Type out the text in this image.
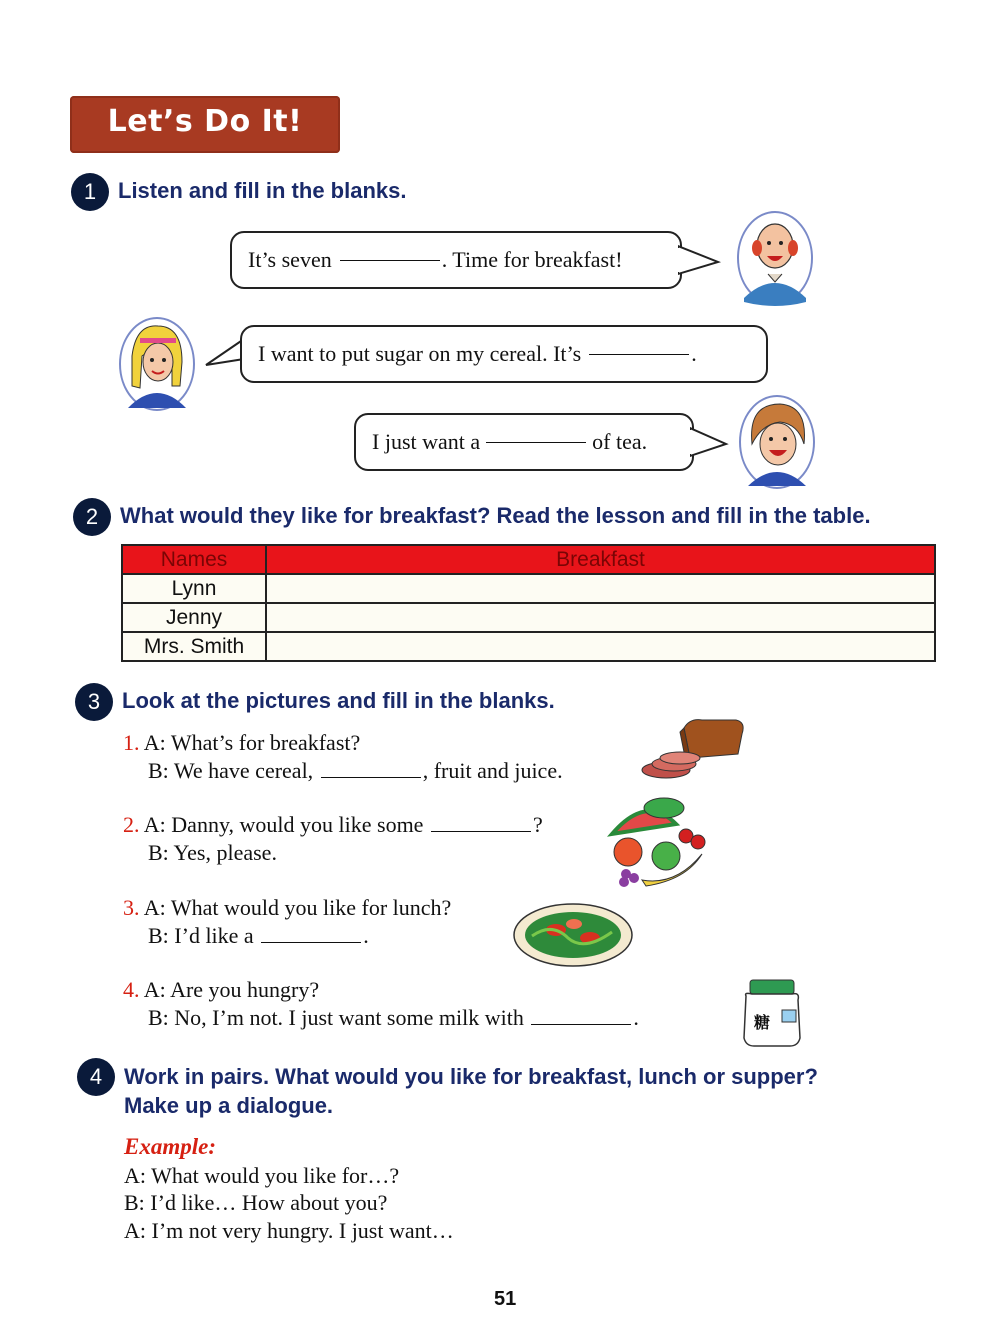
Let’s Do It!
1 Listen and fill in the blanks.
It’s seven	. Time for breakfast!
I want to put sugar on my cereal. It’s	.
I just want a	of tea.
2 What would they like for breakfast? Read the lesson and fill in the table.
Names	Breakfast
Lynn	
Jenny	
Mrs. Smith	
3 Look at the pictures and fill in the blanks.
1. A: What’s for breakfast?
B: We have cereal,	, fruit and juice.
2. A: Danny, would you like some	?
B: Yes, please.
3. A: What would you like for lunch?
B: I’d like a	.
4. A: Are you hungry?
B: No, I’m not. I just want some milk with	.	糖
4 Work in pairs. What would you like for breakfast, lunch or supper?
Make up a dialogue.
Example:
A: What would you like for…?
B: I’d like… How about you?
A: I’m not very hungry. I just want…
51
